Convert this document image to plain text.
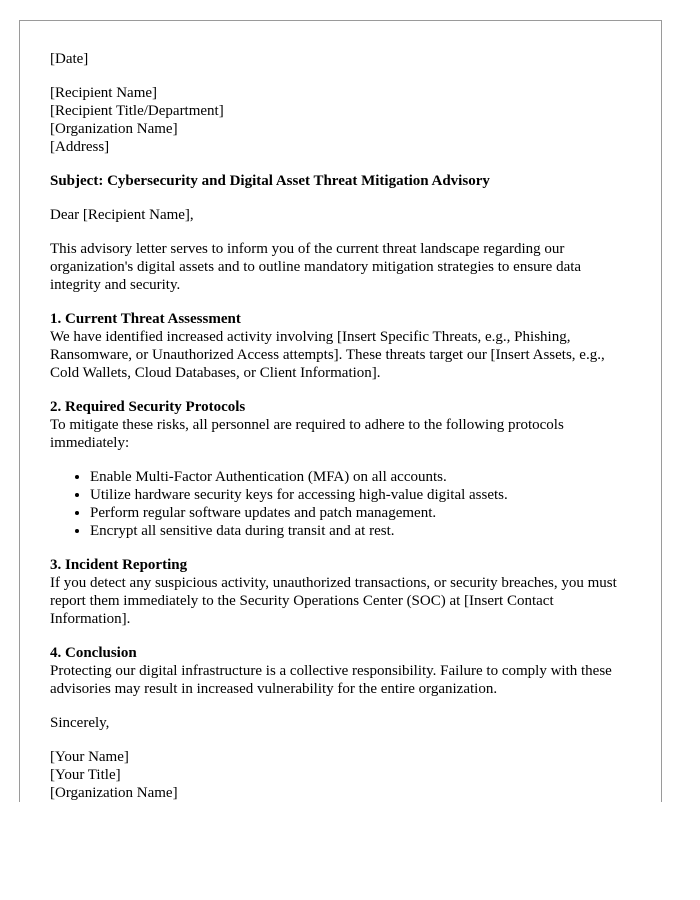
[Date]
[Recipient Name]
[Recipient Title/Department]
[Organization Name]
[Address]
Subject: Cybersecurity and Digital Asset Threat Mitigation Advisory
Dear [Recipient Name],

This advisory letter serves to inform you of the current threat landscape regarding our organization's digital assets and to outline mandatory mitigation strategies to ensure data integrity and security.

1. Current Threat Assessment
We have identified increased activity involving [Insert Specific Threats, e.g., Phishing, Ransomware, or Unauthorized Access attempts]. These threats target our [Insert Assets, e.g., Cold Wallets, Cloud Databases, or Client Information].
2. Required Security Protocols
To mitigate these risks, all personnel are required to adhere to the following protocols immediately:
• Enable Multi-Factor Authentication (MFA) on all accounts.
• Utilize hardware security keys for accessing high-value digital assets.
• Perform regular software updates and patch management.
• Encrypt all sensitive data during transit and at rest.
3. Incident Reporting
If you detect any suspicious activity, unauthorized transactions, or security breaches, you must report them immediately to the Security Operations Center (SOC) at [Insert Contact Information].
4. Conclusion
Protecting our digital infrastructure is a collective responsibility. Failure to comply with these advisories may result in increased vulnerability for the entire organization.
Sincerely,
[Your Name]
[Your Title]
[Organization Name]
